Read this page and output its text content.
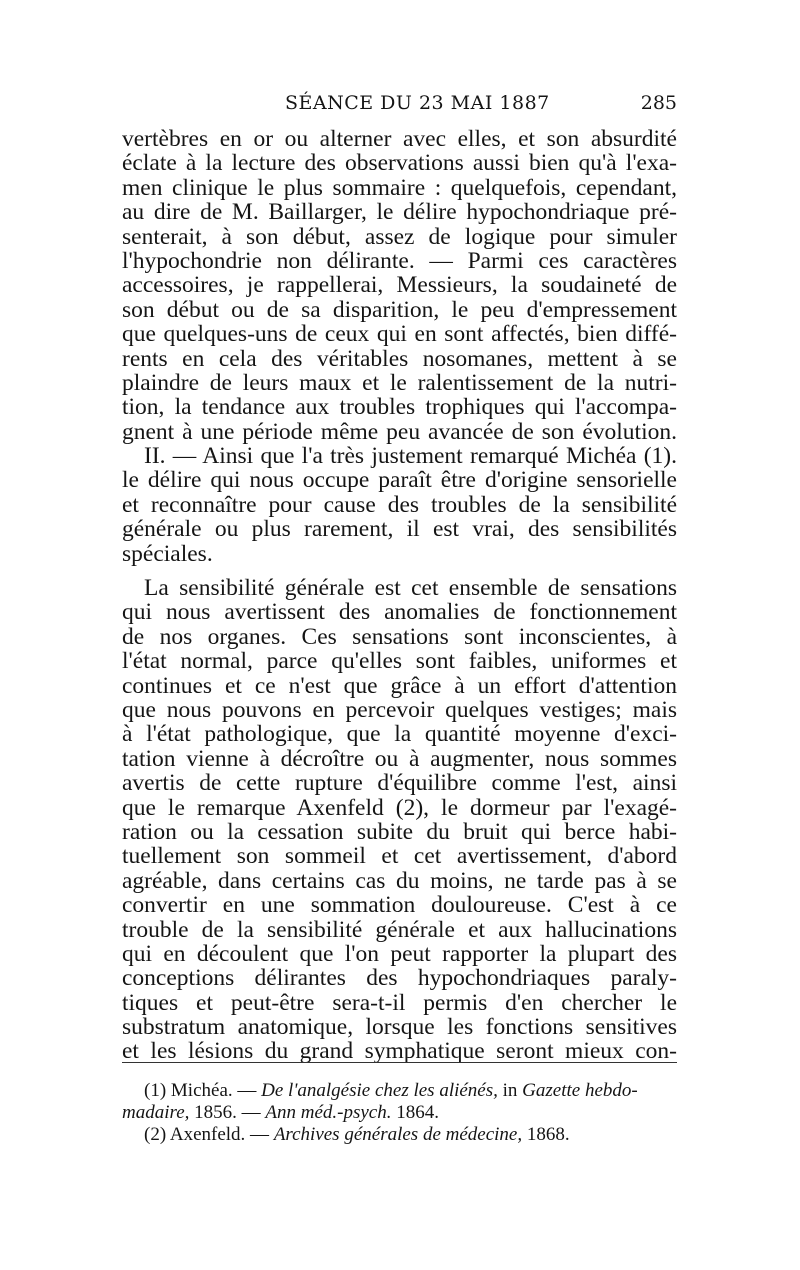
SÉANCE DU 23 MAI 1887	285
vertèbres en or ou alterner avec elles, et son absurdité
éclate à la lecture des observations aussi bien qu'à l'exa-
men clinique le plus sommaire : quelquefois, cependant,
au dire de M. Baillarger, le délire hypochondriaque pré-
senterait, à son début, assez de logique pour simuler
l'hypochondrie non délirante. — Parmi ces caractères
accessoires, je rappellerai, Messieurs, la soudaineté de
son début ou de sa disparition, le peu d'empressement
que quelques-uns de ceux qui en sont affectés, bien diffé-
rents en cela des véritables nosomanes, mettent à se
plaindre de leurs maux et le ralentissement de la nutri-
tion, la tendance aux troubles trophiques qui l'accompa-
gnent à une période même peu avancée de son évolution.
II. — Ainsi que l'a très justement remarqué Michéa (1).
le délire qui nous occupe paraît être d'origine sensorielle
et reconnaître pour cause des troubles de la sensibilité
générale ou plus rarement, il est vrai, des sensibilités
spéciales.
La sensibilité générale est cet ensemble de sensations
qui nous avertissent des anomalies de fonctionnement
de nos organes. Ces sensations sont inconscientes, à
l'état normal, parce qu'elles sont faibles, uniformes et
continues et ce n'est que grâce à un effort d'attention
que nous pouvons en percevoir quelques vestiges; mais
à l'état pathologique, que la quantité moyenne d'exci-
tation vienne à décroître ou à augmenter, nous sommes
avertis de cette rupture d'équilibre comme l'est, ainsi
que le remarque Axenfeld (2), le dormeur par l'exagé-
ration ou la cessation subite du bruit qui berce habi-
tuellement son sommeil et cet avertissement, d'abord
agréable, dans certains cas du moins, ne tarde pas à se
convertir en une sommation douloureuse. C'est à ce
trouble de la sensibilité générale et aux hallucinations
qui en découlent que l'on peut rapporter la plupart des
conceptions délirantes des hypochondriaques paraly-
tiques et peut-être sera-t-il permis d'en chercher le
substratum anatomique, lorsque les fonctions sensitives
et les lésions du grand symphatique seront mieux con-
(1) Michéa. — De l'analgésie chez les aliénés, in Gazette hebdo-
madaire, 1856. — Ann méd.-psych. 1864.
(2) Axenfeld. — Archives générales de médecine, 1868.
